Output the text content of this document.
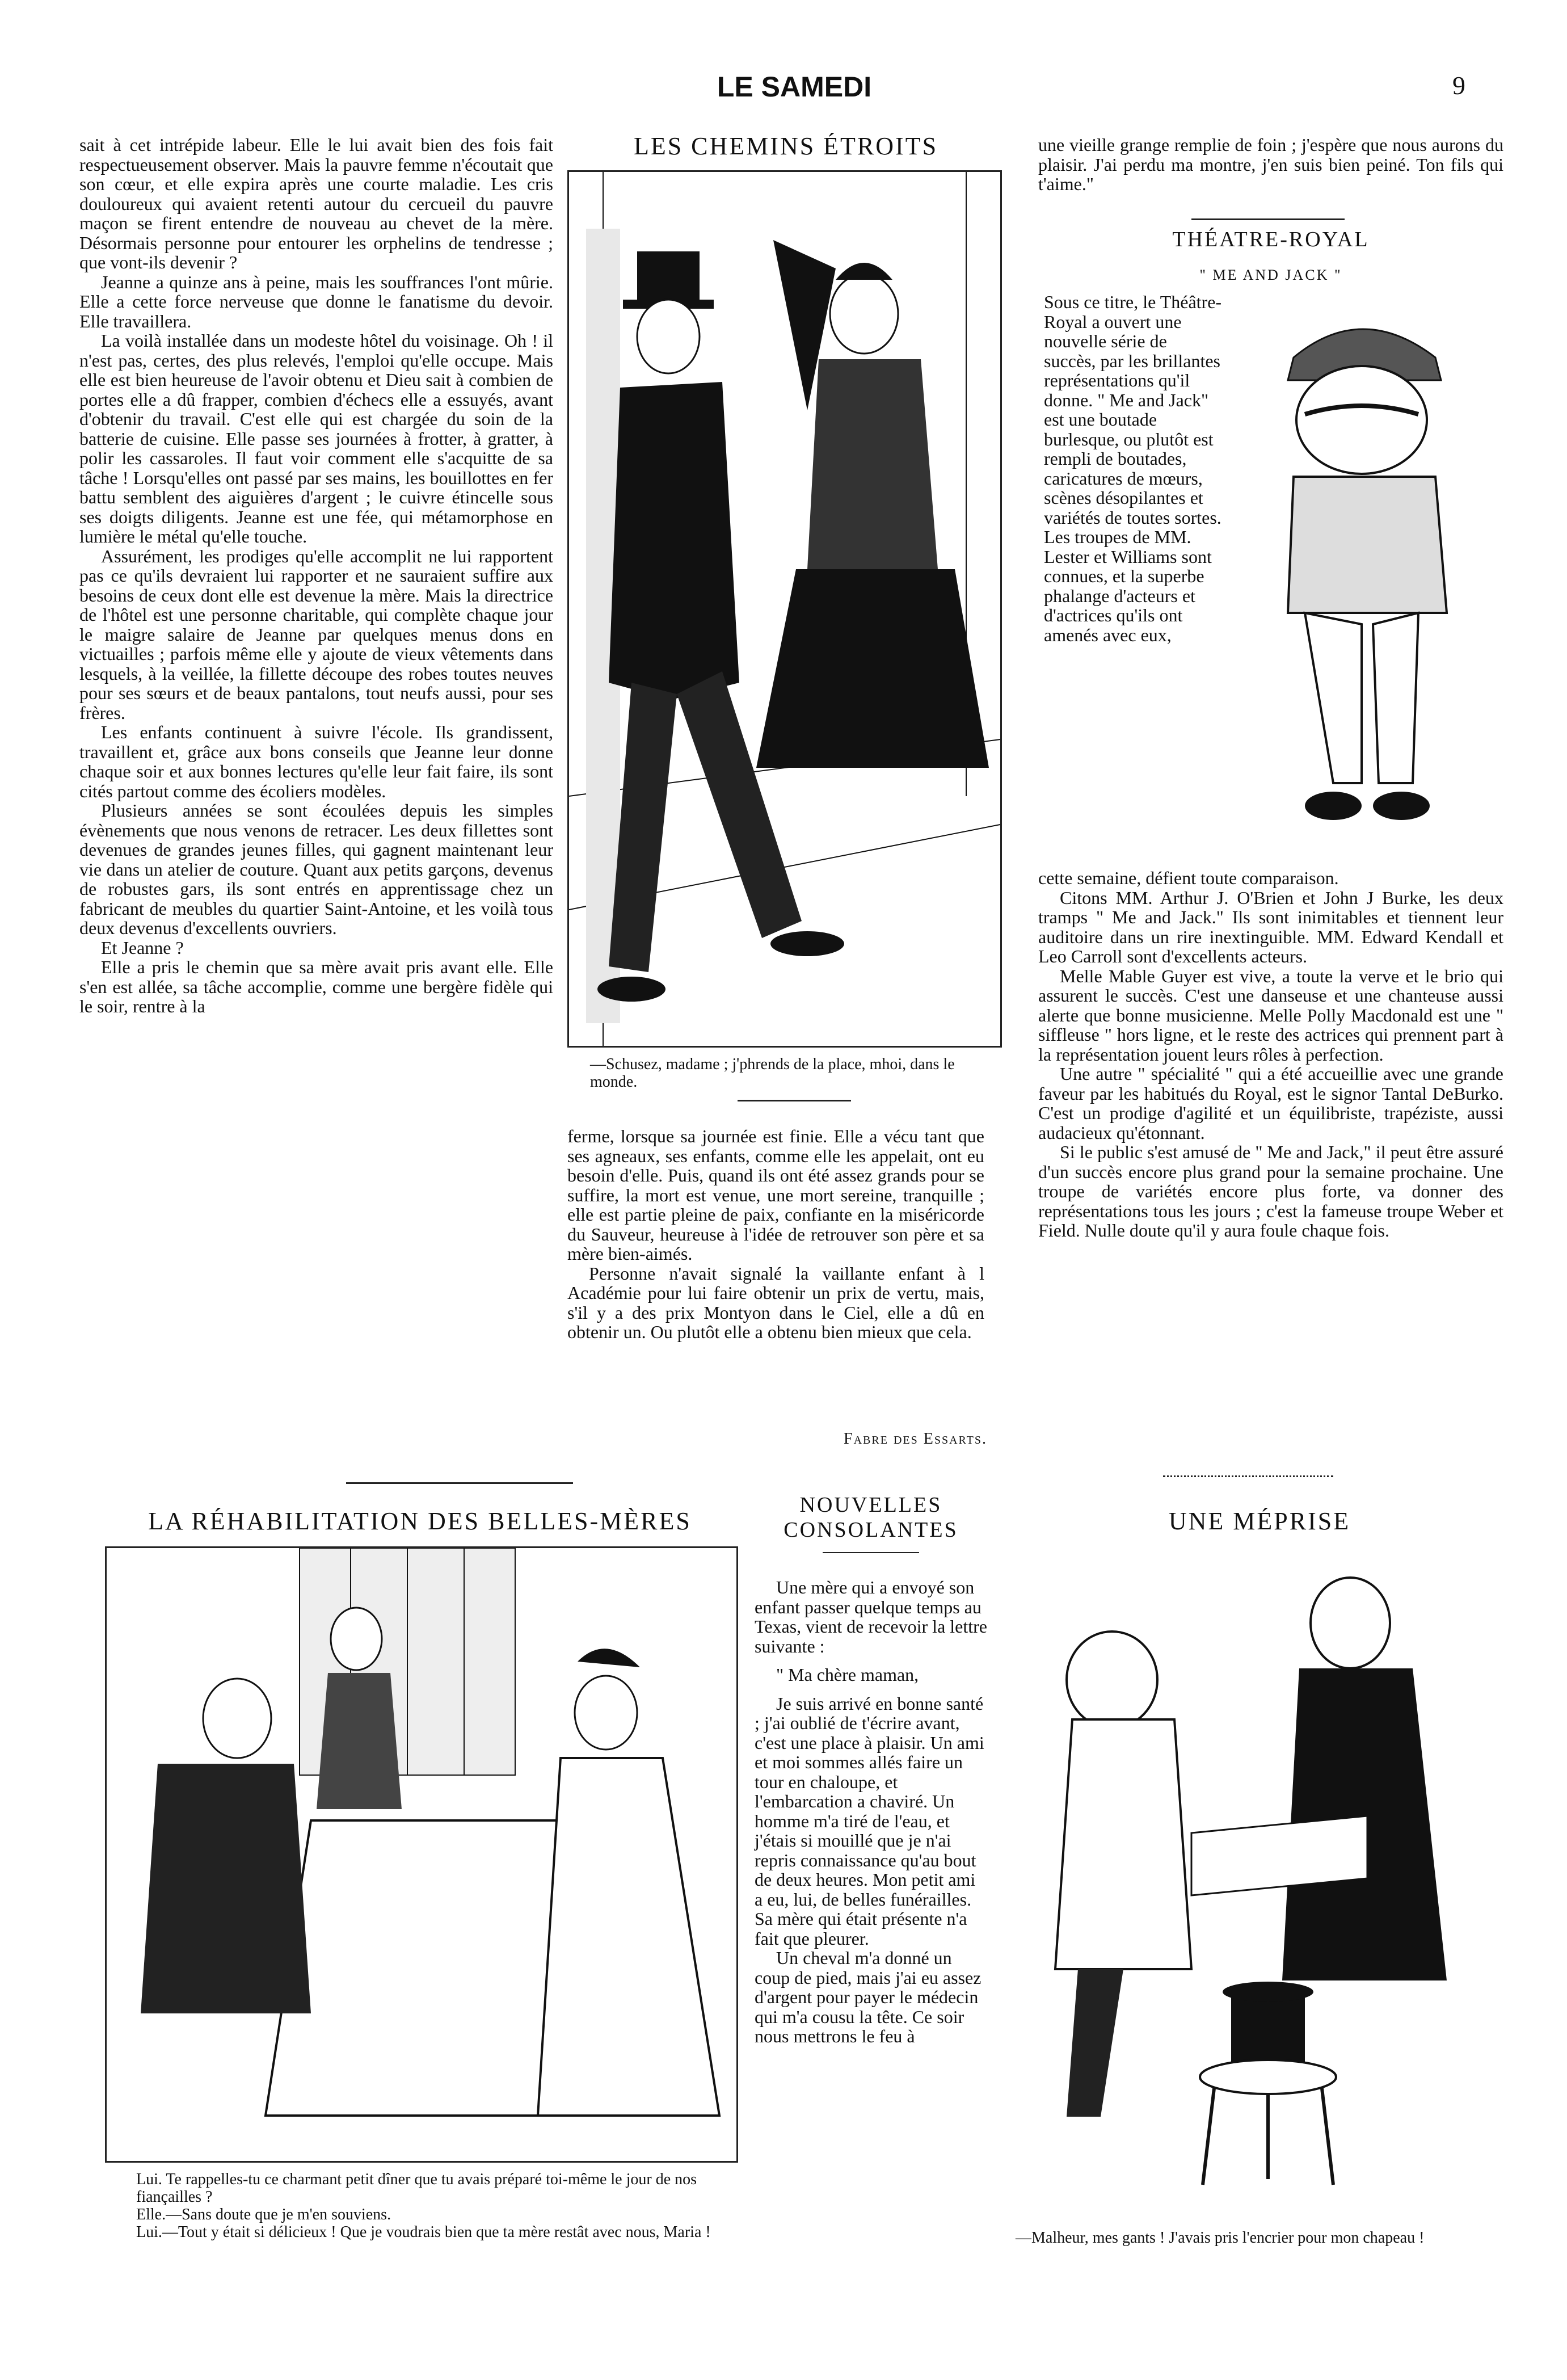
LE SAMEDI	9

sait à cet intrépide labeur. Elle le lui avait bien des fois fait respectueusement observer. Mais la pauvre femme n'écoutait que son cœur, et elle expira après une courte maladie. Les cris douloureux qui avaient retenti autour du cercueil du pauvre maçon se firent entendre de nouveau au chevet de la mère. Désormais personne pour entourer les orphelins de tendresse ; que vont-ils devenir ?

Jeanne a quinze ans à peine, mais les souffrances l'ont mûrie. Elle a cette force nerveuse que donne le fanatisme du devoir. Elle travaillera.

La voilà installée dans un modeste hôtel du voisinage. Oh ! il n'est pas, certes, des plus relevés, l'emploi qu'elle occupe. Mais elle est bien heureuse de l'avoir obtenu et Dieu sait à combien de portes elle a dû frapper, combien d'échecs elle a essuyés, avant d'obtenir du travail. C'est elle qui est chargée du soin de la batterie de cuisine. Elle passe ses journées à frotter, à gratter, à polir les cassaroles. Il faut voir comment elle s'acquitte de sa tâche ! Lorsqu'elles ont passé par ses mains, les bouillottes en fer battu semblent des aiguières d'argent ; le cuivre étincelle sous ses doigts diligents. Jeanne est une fée, qui métamorphose en lumière le métal qu'elle touche.

Assurément, les prodiges qu'elle accomplit ne lui rapportent pas ce qu'ils devraient lui rapporter et ne sauraient suffire aux besoins de ceux dont elle est devenue la mère. Mais la directrice de l'hôtel est une personne charitable, qui complète chaque jour le maigre salaire de Jeanne par quelques menus dons en victuailles ; parfois même elle y ajoute de vieux vêtements dans lesquels, à la veillée, la fillette découpe des robes toutes neuves pour ses sœurs et de beaux pantalons, tout neufs aussi, pour ses frères.

Les enfants continuent à suivre l'école. Ils grandissent, travaillent et, grâce aux bons conseils que Jeanne leur donne chaque soir et aux bonnes lectures qu'elle leur fait faire, ils sont cités partout comme des écoliers modèles.

Plusieurs années se sont écoulées depuis les simples évènements que nous venons de retracer. Les deux fillettes sont devenues de grandes jeunes filles, qui gagnent maintenant leur vie dans un atelier de couture. Quant aux petits garçons, devenus de robustes gars, ils sont entrés en apprentissage chez un fabricant de meubles du quartier Saint-Antoine, et les voilà tous deux devenus d'excellents ouvriers.

Et Jeanne ?

Elle a pris le chemin que sa mère avait pris avant elle. Elle s'en est allée, sa tâche accomplie, comme une bergère fidèle qui le soir, rentre à la

LES CHEMINS ÉTROITS
—Schusez, madame ; j'phrends de la place, mhoi, dans le monde.

ferme, lorsque sa journée est finie. Elle a vécu tant que ses agneaux, ses enfants, comme elle les appelait, ont eu besoin d'elle. Puis, quand ils ont été assez grands pour se suffire, la mort est venue, une mort sereine, tranquille ; elle est partie pleine de paix, confiante en la miséricorde du Sauveur, heureuse à l'idée de retrouver son père et sa mère bien-aimés.

Personne n'avait signalé la vaillante enfant à l Académie pour lui faire obtenir un prix de vertu, mais, s'il y a des prix Montyon dans le Ciel, elle a dû en obtenir un. Ou plutôt elle a obtenu bien mieux que cela.

Fabre des Essarts.
une vieille grange remplie de foin ; j'espère que nous aurons du plaisir. J'ai perdu ma montre, j'en suis bien peiné. Ton fils qui t'aime."
THÉATRE-ROYAL
" ME AND JACK "
Sous ce titre, le Théâtre-Royal a ouvert une nouvelle série de succès, par les brillantes représentations qu'il donne. " Me and Jack" est une boutade burlesque, ou plutôt est rempli de boutades, caricatures de mœurs, scènes désopilantes et variétés de toutes sortes. Les troupes de MM. Lester et Williams sont connues, et la superbe phalange d'acteurs et d'actrices qu'ils ont amenés avec eux,

cette semaine, défient toute comparaison.

Citons MM. Arthur J. O'Brien et John J Burke, les deux tramps " Me and Jack." Ils sont inimitables et tiennent leur auditoire dans un rire inextinguible. MM. Edward Kendall et Leo Carroll sont d'excellents acteurs.

Melle Mable Guyer est vive, a toute la verve et le brio qui assurent le succès. C'est une danseuse et une chanteuse aussi alerte que bonne musicienne. Melle Polly Macdonald est une " siffleuse " hors ligne, et le reste des actrices qui prennent part à la représentation jouent leurs rôles à perfection.

Une autre " spécialité " qui a été accueillie avec une grande faveur par les habitués du Royal, est le signor Tantal DeBurko. C'est un prodige d'agilité et un équilibriste, trapéziste, aussi audacieux qu'étonnant.

Si le public s'est amusé de " Me and Jack," il peut être assuré d'un succès encore plus grand pour la semaine prochaine. Une troupe de variétés encore plus forte, va donner des représentations tous les jours ; c'est la fameuse troupe Weber et Field. Nulle doute qu'il y aura foule chaque fois.

LA RÉHABILITATION DES BELLES-MÈRES
Lui. Te rappelles-tu ce charmant petit dîner que tu avais préparé toi-même le jour de nos fiançailles ?
Elle.—Sans doute que je m'en souviens.
Lui.—Tout y était si délicieux ! Que je voudrais bien que ta mère restât avec nous, Maria !
NOUVELLES CONSOLANTES

Une mère qui a envoyé son enfant passer quelque temps au Texas, vient de recevoir la lettre suivante :

" Ma chère maman,

Je suis arrivé en bonne santé ; j'ai oublié de t'écrire avant, c'est une place à plaisir. Un ami et moi sommes allés faire un tour en chaloupe, et l'embarcation a chaviré. Un homme m'a tiré de l'eau, et j'étais si mouillé que je n'ai repris connaissance qu'au bout de deux heures. Mon petit ami a eu, lui, de belles funérailles. Sa mère qui était présente n'a fait que pleurer.

Un cheval m'a donné un coup de pied, mais j'ai eu assez d'argent pour payer le médecin qui m'a cousu la tête. Ce soir nous mettrons le feu à

UNE MÉPRISE
—Malheur, mes gants ! J'avais pris l'encrier pour mon chapeau !
